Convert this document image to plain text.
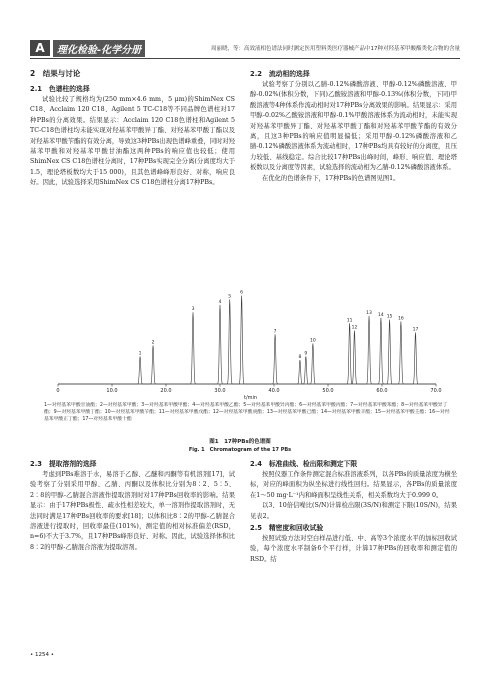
A	理化检验-化学分册	周丽晓，等：高效液相色谱法同时测定医用塑料类医疗器械产品中17种对羟基苯甲酸酯类化合物的含量
2　结果与讨论
2.1　色谱柱的选择

试验比较了规格均为(250 mm×4.6 mm，5 μm)的ShimNex CS C18、Acclaim 120 C18、Agilent 5 TC-C18等不同品牌色谱柱对17种PBs的分离效果。结果显示：Acclaim 120 C18色谱柱和Agilent 5 TC-C18色谱柱均未能实现对羟基苯甲酸异丁酯、对羟基苯甲酸丁酯以及对羟基苯甲酸苄酯的有效分离，导致这3种PBs出现色谱峰重叠，同时对羟基苯甲酸和对羟基苯甲酸甘油酯这两种PBs的响应值也较低；使用ShimNex CS C18色谱柱分离时，17种PBs实现完全分离(分离度均大于1.5，理论塔板数均大于15 000)，且其色谱峰峰形良好、对称，响应良好。因此，试验选择采用ShimNex CS C18色谱柱分离17种PBs。

2.2　流动相的选择

试验考察了分别以乙腈-0.12%磷酸溶液、甲醇-0.12%磷酸溶液、甲醇-0.02%(体积分数，下同)乙酸铵溶液和甲醇-0.13%(体积分数，下同)甲酸溶液等4种体系作流动相时对17种PBs分离效果的影响。结果显示：采用甲醇-0.02%乙酸铵溶液和甲醇-0.1%甲酸溶液体系为流动相时，未能实现对羟基苯甲酸异丁酯、对羟基苯甲酸丁酯和对羟基苯甲酸苄酯的有效分离，且这3种PBs的响应值明显偏低；采用甲醇-0.12%磷酸溶液和乙腈-0.12%磷酸溶液体系为流动相时，17种PBs均具有较好的分离度，且压力较低、基线稳定。综合比较17种PBs出峰时间，峰形、响应值、理论塔板数以及分离度等因素，试验选择的流动相为乙腈-0.12%磷酸溶液体系。

在优化的色谱条件下，17种PBs的色谱图见图1。

0	10.0	20.0	30.0	40.0	50.0	60.0	70.0
1
2
3
4
5
6
7
8
9
10
11
12
13 14 15 16
17
t/min
1—对羟基苯甲酸甘油酯；2—对羟基苯甲酸；3—对羟基苯甲酸甲酯；4—对羟基苯甲酸乙酯；5—对羟基苯甲酸异丙酯；6—对羟基苯甲酸丙酯；7—对羟基苯甲酸苯酯；8—对羟基苯甲酸异丁酯；9—对羟基苯甲酸丁酯；10—对羟基苯甲酸苄酯；11—对羟基苯甲酸戊酯；12—对羟基苯甲酸庚酯；13—对羟基苯甲酸己酯；14—对羟基苯甲酸辛酯；15—对羟基苯甲酸壬酯；16—对羟基苯甲酸正丁酯；17—对羟基苯甲酸十酯
图1　17种PBs的色谱图
Fig. 1　Chromatogram of the 17 PBs
2.3　提取溶剂的选择

考虑到PBs难溶于水，易溶于乙醇、乙醚和丙酮等有机溶剂[17]，试验考察了分别采用甲醇、乙腈、丙酮以及体积比分别为8∶2、5∶5、2∶8的甲醇-乙腈混合溶液作提取溶剂时对17种PBs回收率的影响。结果显示：由于17种PBs极性、疏水性相差较大，单一溶剂作提取溶剂时，无法同时满足17种PBs回收率的要求[18]；以体积比8∶2的甲醇-乙腈混合溶液进行提取时，回收率最佳(101%)，测定值的相对标准偏差(RSD，n=6)不大于3.7%，且17种PBs峰形良好、对称。因此，试验选择体积比8∶2的甲醇-乙腈混合溶液为提取溶剂。

2.4　标准曲线、检出限和测定下限

按照仪器工作条件测定混合标准溶液系列，以各PBs的质量浓度为横坐标，对应的峰面积为纵坐标进行线性回归。结果显示，各PBs的质量浓度在1～50 mg·L⁻¹内和峰面积呈线性关系，相关系数均大于0.999 0。

以3、10倍信噪比(S/N)计算检出限(3S/N)和测定下限(10S/N)，结果见表2。

2.5　精密度和回收试验

按照试验方法对空白样品进行低、中、高等3个浓度水平的加标回收试验，每个浓度水平制备6个平行样，计算17种PBs的回收率和测定值的RSD。结

• 1254 •
